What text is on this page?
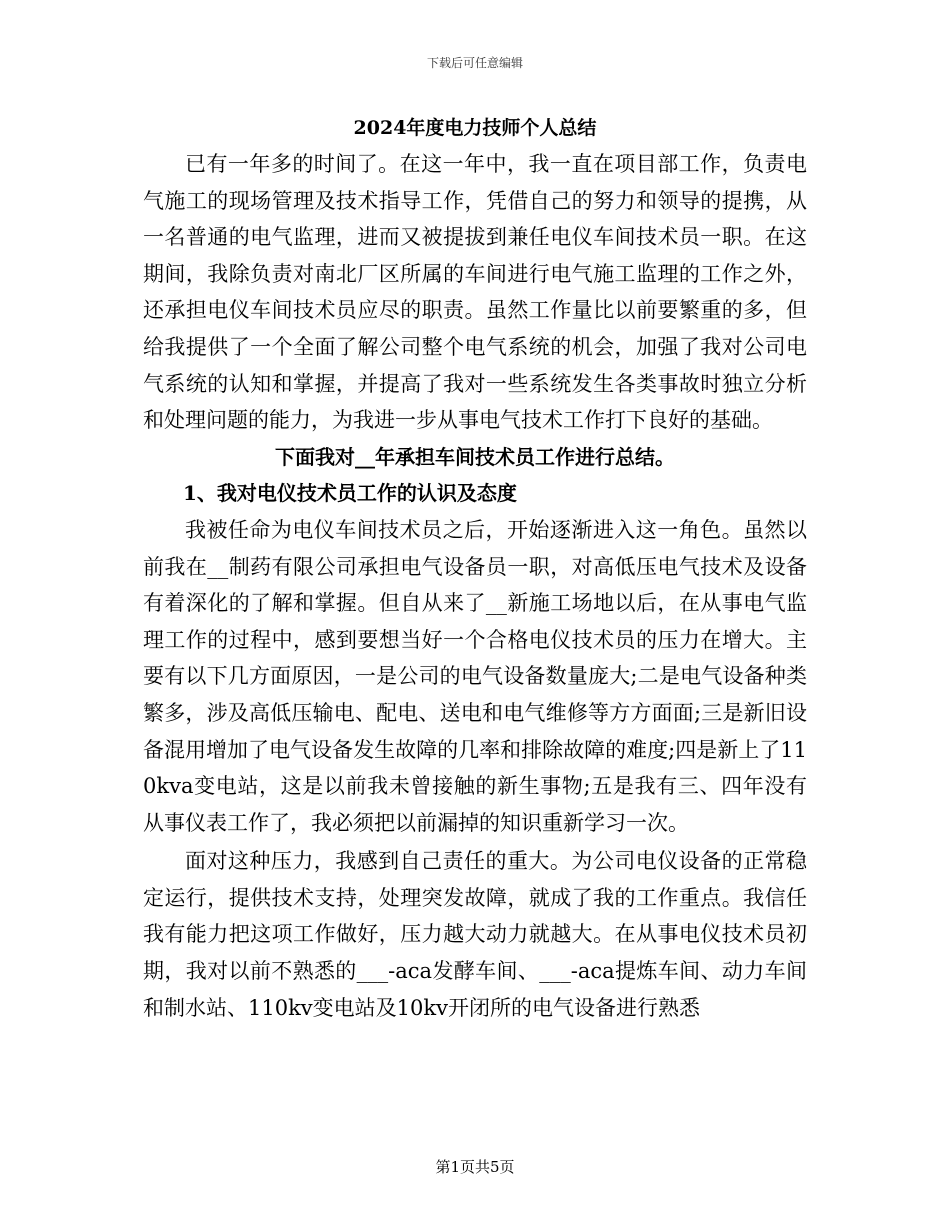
下载后可任意编辑
2024年度电力技师个人总结

已有一年多的时间了。在这一年中，我一直在项目部工作，负责电气施工的现场管理及技术指导工作，凭借自己的努力和领导的提携，从一名普通的电气监理，进而又被提拔到兼任电仪车间技术员一职。在这期间，我除负责对南北厂区所属的车间进行电气施工监理的工作之外，还承担电仪车间技术员应尽的职责。虽然工作量比以前要繁重的多，但给我提供了一个全面了解公司整个电气系统的机会，加强了我对公司电气系统的认知和掌握，并提高了我对一些系统发生各类事故时独立分析和处理问题的能力，为我进一步从事电气技术工作打下良好的基础。

下面我对__年承担车间技术员工作进行总结。

1、我对电仪技术员工作的认识及态度

我被任命为电仪车间技术员之后，开始逐渐进入这一角色。虽然以前我在__制药有限公司承担电气设备员一职，对高低压电气技术及设备有着深化的了解和掌握。但自从来了__新施工场地以后，在从事电气监理工作的过程中，感到要想当好一个合格电仪技术员的压力在增大。主要有以下几方面原因，一是公司的电气设备数量庞大;二是电气设备种类繁多，涉及高低压输电、配电、送电和电气维修等方方面面;三是新旧设备混用增加了电气设备发生故障的几率和排除故障的难度;四是新上了110kva变电站，这是以前我未曾接触的新生事物;五是我有三、四年没有从事仪表工作了，我必须把以前漏掉的知识重新学习一次。

面对这种压力，我感到自己责任的重大。为公司电仪设备的正常稳定运行，提供技术支持，处理突发故障，就成了我的工作重点。我信任我有能力把这项工作做好，压力越大动力就越大。在从事电仪技术员初期，我对以前不熟悉的___-aca发酵车间、___-aca提炼车间、动力车间和制水站、110kv变电站及10kv开闭所的电气设备进行熟悉

第1页共5页
